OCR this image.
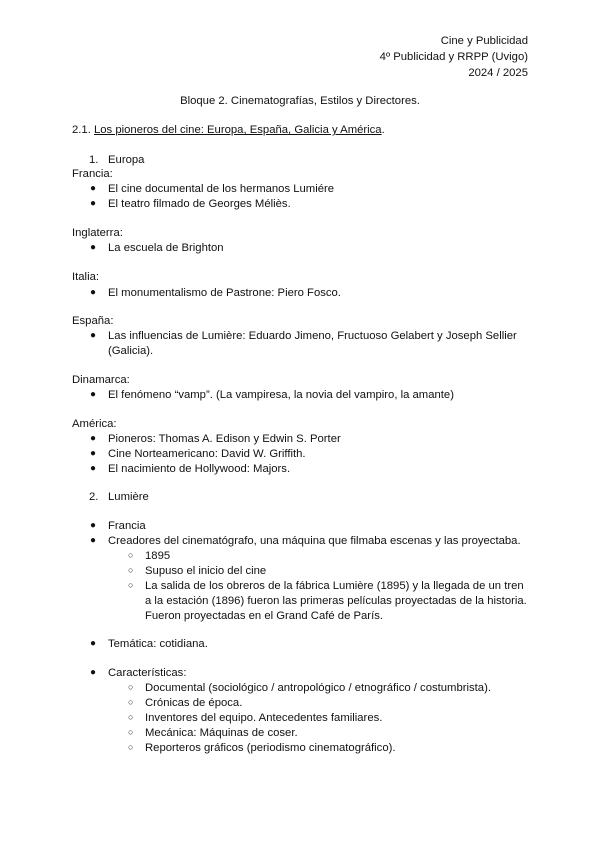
Cine y Publicidad
4º Publicidad y RRPP (Uvigo)
2024 / 2025
Bloque 2. Cinematografías, Estilos y Directores.
2.1. Los pioneros del cine: Europa, España, Galicia y América.
1. Europa
Francia:
● El cine documental de los hermanos Lumiére
● El teatro filmado de Georges Méliès.
Inglaterra:
● La escuela de Brighton
Italia:
● El monumentalismo de Pastrone: Piero Fosco.
España:
● Las influencias de Lumière: Eduardo Jimeno, Fructuoso Gelabert y Joseph Sellier (Galicia).
Dinamarca:
● El fenómeno “vamp”. (La vampiresa, la novia del vampiro, la amante)
América:
● Pioneros: Thomas A. Edison y Edwin S. Porter
● Cine Norteamericano: David W. Griffith.
● El nacimiento de Hollywood: Majors.
2. Lumière
● Francia
● Creadores del cinematógrafo, una máquina que filmaba escenas y las proyectaba.
○ 1895
○ Supuso el inicio del cine
○ La salida de los obreros de la fábrica Lumière (1895) y la llegada de un tren a la estación (1896) fueron las primeras películas proyectadas de la historia. Fueron proyectadas en el Grand Café de París.
● Temática: cotidiana.
● Características:
○ Documental (sociológico / antropológico / etnográfico / costumbrista).
○ Crónicas de época.
○ Inventores del equipo. Antecedentes familiares.
○ Mecánica: Máquinas de coser.
○ Reporteros gráficos (periodismo cinematográfico).
